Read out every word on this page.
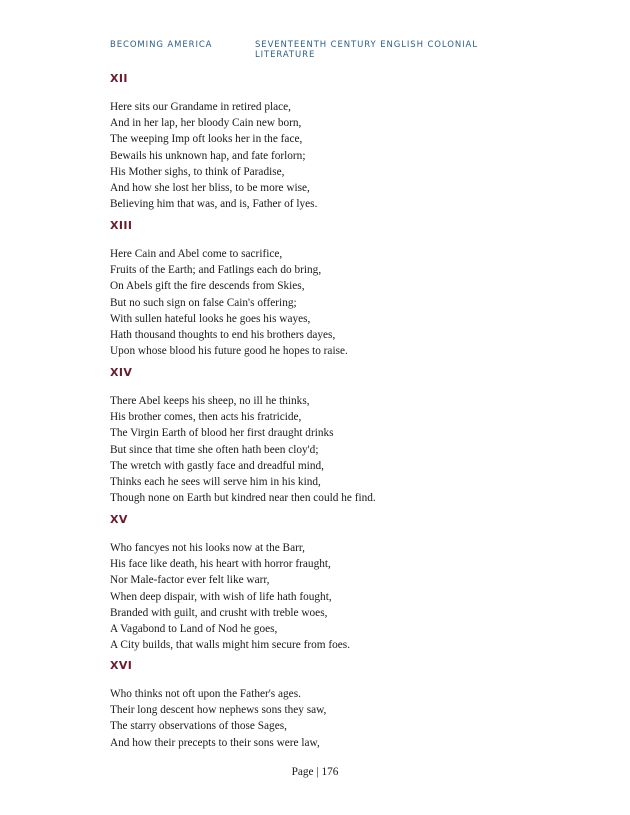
BECOMING AMERICA	SEVENTEENTH CENTURY ENGLISH COLONIAL LITERATURE
XII
Here sits our Grandame in retired place,
And in her lap, her bloody Cain new born,
The weeping Imp oft looks her in the face,
Bewails his unknown hap, and fate forlorn;
His Mother sighs, to think of Paradise,
And how she lost her bliss, to be more wise,
Believing him that was, and is, Father of lyes.
XIII
Here Cain and Abel come to sacrifice,
Fruits of the Earth; and Fatlings each do bring,
On Abels gift the fire descends from Skies,
But no such sign on false Cain's offering;
With sullen hateful looks he goes his wayes,
Hath thousand thoughts to end his brothers dayes,
Upon whose blood his future good he hopes to raise.
XIV
There Abel keeps his sheep, no ill he thinks,
His brother comes, then acts his fratricide,
The Virgin Earth of blood her first draught drinks
But since that time she often hath been cloy'd;
The wretch with gastly face and dreadful mind,
Thinks each he sees will serve him in his kind,
Though none on Earth but kindred near then could he find.
XV
Who fancyes not his looks now at the Barr,
His face like death, his heart with horror fraught,
Nor Male-factor ever felt like warr,
When deep dispair, with wish of life hath fought,
Branded with guilt, and crusht with treble woes,
A Vagabond to Land of Nod he goes,
A City builds, that walls might him secure from foes.
XVI
Who thinks not oft upon the Father's ages.
Their long descent how nephews sons they saw,
The starry observations of those Sages,
And how their precepts to their sons were law,
Page | 176
